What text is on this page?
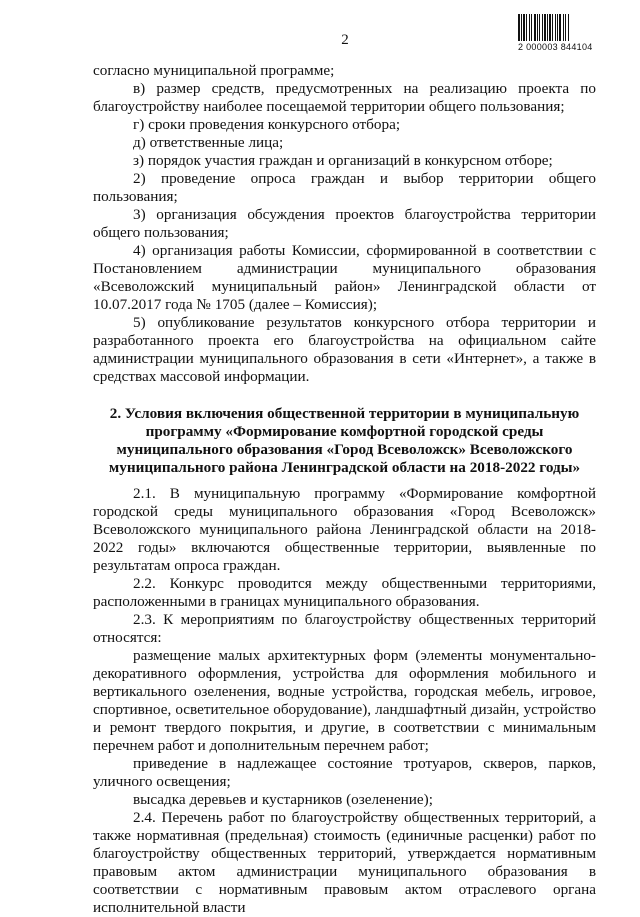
2	2 000003 844104

согласно муниципальной программе;

в) размер средств, предусмотренных на реализацию проекта по благоустройству наиболее посещаемой территории общего пользования;

г) сроки проведения конкурсного отбора;

д) ответственные лица;

з) порядок участия граждан и организаций в конкурсном отборе;

2) проведение опроса граждан и выбор территории общего пользования;

3) организация обсуждения проектов благоустройства территории общего пользования;

4) организация работы Комиссии, сформированной в соответствии с Постановлением администрации муниципального образования «Всеволожский муниципальный район» Ленинградской области от 10.07.2017 года № 1705 (далее – Комиссия);

5) опубликование результатов конкурсного отбора территории и разработанного проекта его благоустройства на официальном сайте администрации муниципального образования в сети «Интернет», а также в средствах массовой информации.

2. Условия включения общественной территории в муниципальную программу «Формирование комфортной городской среды муниципального образования «Город Всеволожск» Всеволожского муниципального района Ленинградской области на 2018-2022 годы»

2.1. В муниципальную программу «Формирование комфортной городской среды муниципального образования «Город Всеволожск» Всеволожского муниципального района Ленинградской области на 2018-2022 годы» включаются общественные территории, выявленные по результатам опроса граждан.

2.2. Конкурс проводится между общественными территориями, расположенными в границах муниципального образования.

2.3. К мероприятиям по благоустройству общественных территорий относятся:

размещение малых архитектурных форм (элементы монументально-декоративного оформления, устройства для оформления мобильного и вертикального озеленения, водные устройства, городская мебель, игровое, спортивное, осветительное оборудование), ландшафтный дизайн, устройство и ремонт твердого покрытия, и другие, в соответствии с минимальным перечнем работ и дополнительным перечнем работ;

приведение в надлежащее состояние тротуаров, скверов, парков, уличного освещения;

высадка деревьев и кустарников (озеленение);

2.4. Перечень работ по благоустройству общественных территорий, а также нормативная (предельная) стоимость (единичные расценки) работ по благоустройству общественных территорий, утверждается нормативным правовым актом администрации муниципального образования в соответствии с нормативным правовым актом отраслевого органа исполнительной власти
